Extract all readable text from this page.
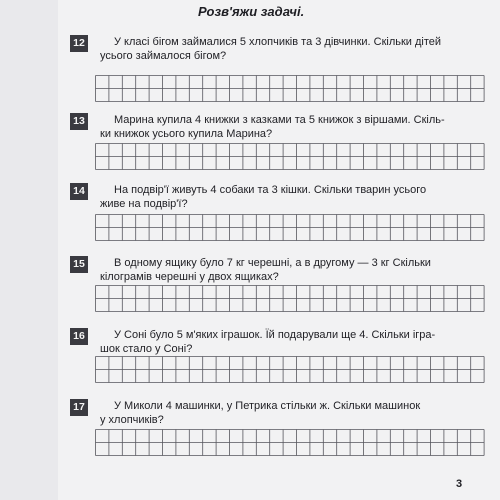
Розв'яжи задачі.
12	У класі бігом займалися 5 хлопчиків та 3 дівчинки. Скільки дітей
усього займалося бігом?
13	Марина купила 4 книжки з казками та 5 книжок з віршами. Скіль-
ки книжок усього купила Марина?
14	На подвір'ї живуть 4 собаки та 3 кішки. Скільки тварин усього
живе на подвір'ї?
15	В одному ящику було 7 кг черешні, а в другому — 3 кг Скільки
кілограмів черешні у двох ящиках?
16	У Соні було 5 м'яких іграшок. Їй подарували ще 4. Скільки ігра-
шок стало у Соні?
17	У Миколи 4 машинки, у Петрика стільки ж. Скільки машинок
у хлопчиків?
3
